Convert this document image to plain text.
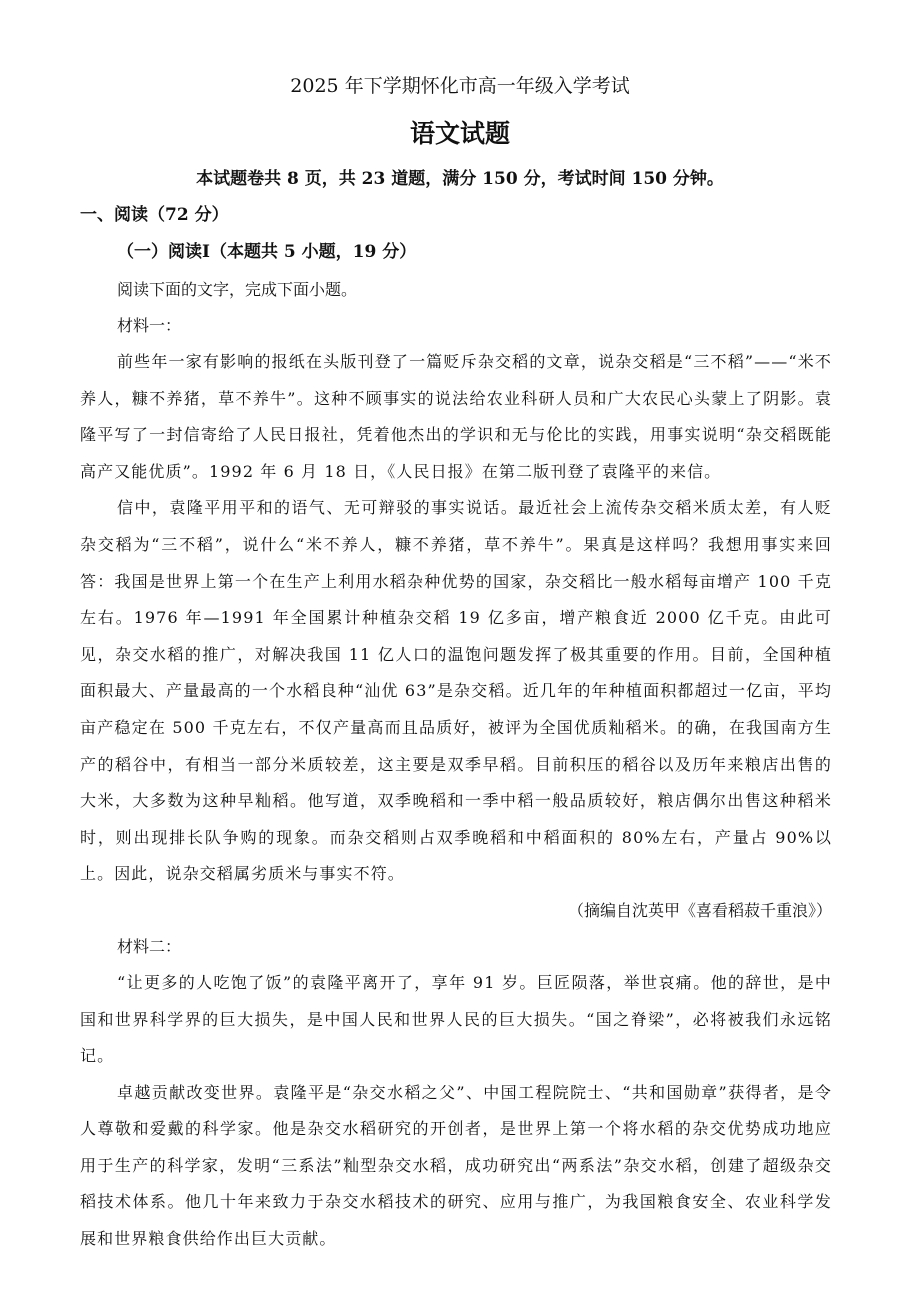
2025 年下学期怀化市高一年级入学考试
语文试题
本试题卷共 8 页，共 23 道题，满分 150 分，考试时间 150 分钟。
一、阅读（72 分）
（一）阅读Ⅰ（本题共 5 小题，19 分）

阅读下面的文字，完成下面小题。

材料一：

前些年一家有影响的报纸在头版刊登了一篇贬斥杂交稻的文章，说杂交稻是“三不稻”——“米不养人，糠不养猪，草不养牛”。这种不顾事实的说法给农业科研人员和广大农民心头蒙上了阴影。袁隆平写了一封信寄给了人民日报社，凭着他杰出的学识和无与伦比的实践，用事实说明“杂交稻既能高产又能优质”。1992 年 6 月 18 日，《人民日报》在第二版刊登了袁隆平的来信。

信中，袁隆平用平和的语气、无可辩驳的事实说话。最近社会上流传杂交稻米质太差，有人贬杂交稻为“三不稻”，说什么“米不养人，糠不养猪，草不养牛”。果真是这样吗？我想用事实来回答：我国是世界上第一个在生产上利用水稻杂种优势的国家，杂交稻比一般水稻每亩增产 100 千克左右。1976 年—1991 年全国累计种植杂交稻 19 亿多亩，增产粮食近 2000 亿千克。由此可见，杂交水稻的推广，对解决我国 11 亿人口的温饱问题发挥了极其重要的作用。目前，全国种植面积最大、产量最高的一个水稻良种“汕优 63”是杂交稻。近几年的年种植面积都超过一亿亩，平均亩产稳定在 500 千克左右，不仅产量高而且品质好，被评为全国优质籼稻米。的确，在我国南方生产的稻谷中，有相当一部分米质较差，这主要是双季早稻。目前积压的稻谷以及历年来粮店出售的大米，大多数为这种早籼稻。他写道，双季晚稻和一季中稻一般品质较好，粮店偶尔出售这种稻米时，则出现排长队争购的现象。而杂交稻则占双季晚稻和中稻面积的 80%左右，产量占 90%以上。因此，说杂交稻属劣质米与事实不符。

（摘编自沈英甲《喜看稻菽千重浪》）

材料二：

“让更多的人吃饱了饭”的袁隆平离开了，享年 91 岁。巨匠陨落，举世哀痛。他的辞世，是中国和世界科学界的巨大损失，是中国人民和世界人民的巨大损失。“国之脊梁”，必将被我们永远铭记。

卓越贡献改变世界。袁隆平是“杂交水稻之父”、中国工程院院士、“共和国勋章”获得者，是令人尊敬和爱戴的科学家。他是杂交水稻研究的开创者，是世界上第一个将水稻的杂交优势成功地应用于生产的科学家，发明“三系法”籼型杂交水稻，成功研究出“两系法”杂交水稻，创建了超级杂交稻技术体系。他几十年来致力于杂交水稻技术的研究、应用与推广，为我国粮食安全、农业科学发展和世界粮食供给作出巨大贡献。
